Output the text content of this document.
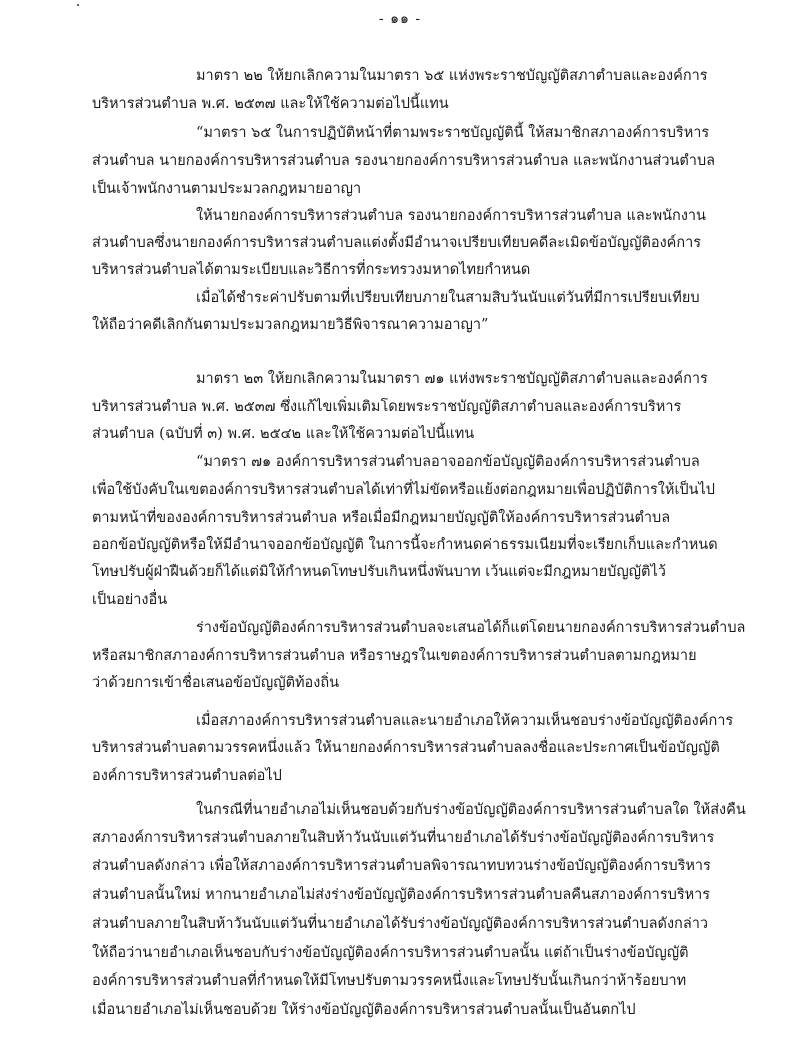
- ๑๑ -
มาตรา ๒๒ ให้ยกเลิกความในมาตรา ๖๕ แห่งพระราชบัญญัติสภาตำบลและองค์การ
บริหารส่วนตำบล พ.ศ. ๒๕๓๗ และให้ใช้ความต่อไปนี้แทน
“มาตรา ๖๕ ในการปฏิบัติหน้าที่ตามพระราชบัญญัตินี้ ให้สมาชิกสภาองค์การบริหาร
ส่วนตำบล นายกองค์การบริหารส่วนตำบล รองนายกองค์การบริหารส่วนตำบล และพนักงานส่วนตำบล
เป็นเจ้าพนักงานตามประมวลกฎหมายอาญา
ให้นายกองค์การบริหารส่วนตำบล รองนายกองค์การบริหารส่วนตำบล และพนักงาน
ส่วนตำบลซึ่งนายกองค์การบริหารส่วนตำบลแต่งตั้งมีอำนาจเปรียบเทียบคดีละเมิดข้อบัญญัติองค์การ
บริหารส่วนตำบลได้ตามระเบียบและวิธีการที่กระทรวงมหาดไทยกำหนด
เมื่อได้ชำระค่าปรับตามที่เปรียบเทียบภายในสามสิบวันนับแต่วันที่มีการเปรียบเทียบ
ให้ถือว่าคดีเลิกกันตามประมวลกฎหมายวิธีพิจารณาความอาญา”
มาตรา ๒๓ ให้ยกเลิกความในมาตรา ๗๑ แห่งพระราชบัญญัติสภาตำบลและองค์การ
บริหารส่วนตำบล พ.ศ. ๒๕๓๗ ซึ่งแก้ไขเพิ่มเติมโดยพระราชบัญญัติสภาตำบลและองค์การบริหาร
ส่วนตำบล (ฉบับที่ ๓) พ.ศ. ๒๕๔๒ และให้ใช้ความต่อไปนี้แทน
“มาตรา ๗๑ องค์การบริหารส่วนตำบลอาจออกข้อบัญญัติองค์การบริหารส่วนตำบล
เพื่อใช้บังคับในเขตองค์การบริหารส่วนตำบลได้เท่าที่ไม่ขัดหรือแย้งต่อกฎหมายเพื่อปฏิบัติการให้เป็นไป
ตามหน้าที่ขององค์การบริหารส่วนตำบล หรือเมื่อมีกฎหมายบัญญัติให้องค์การบริหารส่วนตำบล
ออกข้อบัญญัติหรือให้มีอำนาจออกข้อบัญญัติ ในการนี้จะกำหนดค่าธรรมเนียมที่จะเรียกเก็บและกำหนด
โทษปรับผู้ฝ่าฝืนด้วยก็ได้แต่มิให้กำหนดโทษปรับเกินหนึ่งพันบาท เว้นแต่จะมีกฎหมายบัญญัติไว้
เป็นอย่างอื่น
ร่างข้อบัญญัติองค์การบริหารส่วนตำบลจะเสนอได้ก็แต่โดยนายกองค์การบริหารส่วนตำบล
หรือสมาชิกสภาองค์การบริหารส่วนตำบล หรือราษฎรในเขตองค์การบริหารส่วนตำบลตามกฎหมาย
ว่าด้วยการเข้าชื่อเสนอข้อบัญญัติท้องถิ่น
เมื่อสภาองค์การบริหารส่วนตำบลและนายอำเภอให้ความเห็นชอบร่างข้อบัญญัติองค์การ
บริหารส่วนตำบลตามวรรคหนึ่งแล้ว ให้นายกองค์การบริหารส่วนตำบลลงชื่อและประกาศเป็นข้อบัญญัติ
องค์การบริหารส่วนตำบลต่อไป
ในกรณีที่นายอำเภอไม่เห็นชอบด้วยกับร่างข้อบัญญัติองค์การบริหารส่วนตำบลใด ให้ส่งคืน
สภาองค์การบริหารส่วนตำบลภายในสิบห้าวันนับแต่วันที่นายอำเภอได้รับร่างข้อบัญญัติองค์การบริหาร
ส่วนตำบลดังกล่าว เพื่อให้สภาองค์การบริหารส่วนตำบลพิจารณาทบทวนร่างข้อบัญญัติองค์การบริหาร
ส่วนตำบลนั้นใหม่ หากนายอำเภอไม่ส่งร่างข้อบัญญัติองค์การบริหารส่วนตำบลคืนสภาองค์การบริหาร
ส่วนตำบลภายในสิบห้าวันนับแต่วันที่นายอำเภอได้รับร่างข้อบัญญัติองค์การบริหารส่วนตำบลดังกล่าว
ให้ถือว่านายอำเภอเห็นชอบกับร่างข้อบัญญัติองค์การบริหารส่วนตำบลนั้น แต่ถ้าเป็นร่างข้อบัญญัติ
องค์การบริหารส่วนตำบลที่กำหนดให้มีโทษปรับตามวรรคหนึ่งและโทษปรับนั้นเกินกว่าห้าร้อยบาท
เมื่อนายอำเภอไม่เห็นชอบด้วย ให้ร่างข้อบัญญัติองค์การบริหารส่วนตำบลนั้นเป็นอันตกไป
